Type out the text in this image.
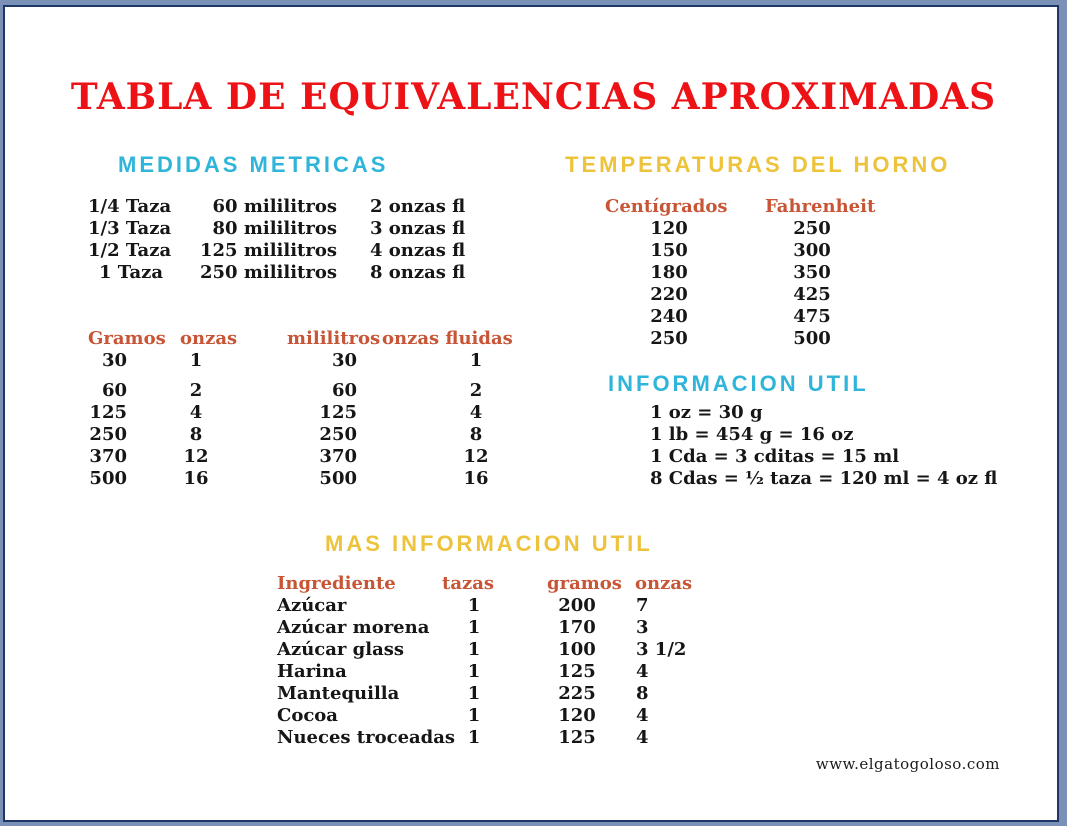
TABLA DE EQUIVALENCIAS APROXIMADAS
MEDIDAS METRICAS	TEMPERATURAS DEL HORNO
INFORMACION UTIL
MAS INFORMACION UTIL
1/4 Taza	60 mililitros 2 onzas fl
1/3 Taza	80 mililitros 3 onzas fl
1/2 Taza	125 mililitros 4 onzas fl
1 Taza	250 mililitros 8 onzas fl
Gramos onzas	mililitros onzas fluidas
30	1	30	1
60	2	60	2
125	4	125	4
250	8	250	8
370	12	370	12
500	16	500	16
Centígrados Fahrenheit
120	250
150	300
180	350
220	425
240	475
250	500
1 oz = 30 g
1 lb = 454 g = 16 oz
1 Cda = 3 cditas = 15 ml
8 Cdas = ½ taza = 120 ml = 4 oz fl
Ingrediente	tazas	gramos onzas
Azúcar	1	200	7
Azúcar morena	1	170	3
Azúcar glass	1	100	3 1/2
Harina	1	125	4
Mantequilla	1	225	8
Cocoa	1	120	4
Nueces troceadas 1	125	4
www.elgatogoloso.com
